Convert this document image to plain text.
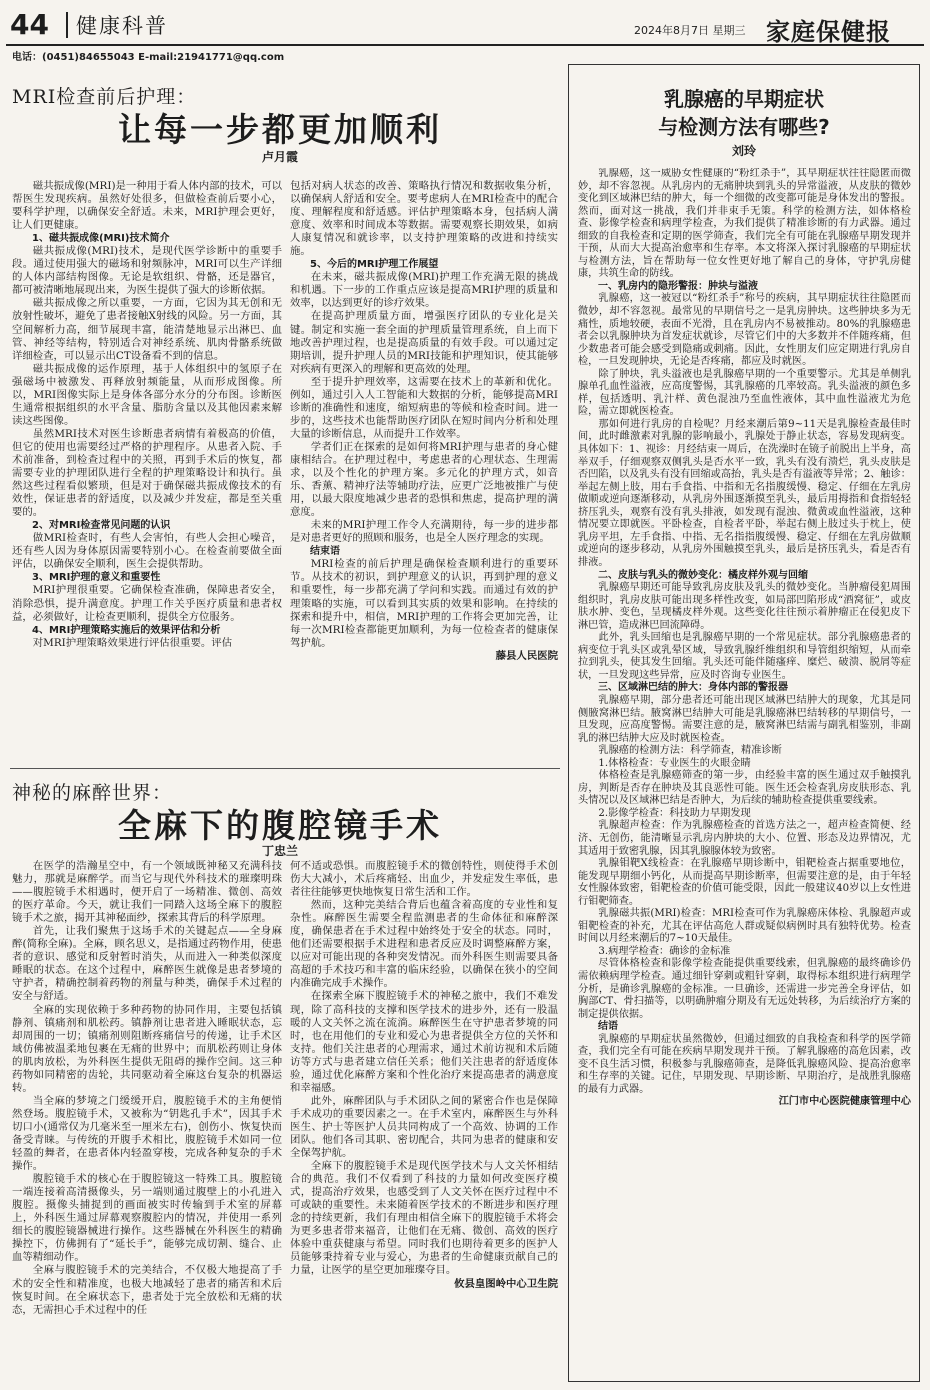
44 健康科普	2024年8月7日 星期三 家庭保健报
电话：(0451)84655043 E-mail:21941771@qq.com
MRI检查前后护理：
让每一步都更加顺利
卢月霞

磁共振成像(MRI)是一种用于看人体内部的技术，可以帮医生发现疾病。虽然好处很多，但做检查前后要小心，要科学护理，以确保安全舒适。未来，MRI护理会更好，让人们更健康。

1、磁共振成像(MRI)技术简介

磁共振成像(MRI)技术，是现代医学诊断中的重要手段。通过使用强大的磁场和射频脉冲，MRI可以生产详细的人体内部结构图像。无论是软组织、骨骼，还是器官，都可被清晰地展现出来，为医生提供了强大的诊断依据。

磁共振成像之所以重要，一方面，它因为其无创和无放射性破坏，避免了患者接触X射线的风险。另一方面，其空间解析力高，细节展现丰富，能清楚地显示出淋巴、血管、神经等结构，特别适合对神经系统、肌肉骨骼系统做详细检查，可以显示出CT设备看不到的信息。

磁共振成像的运作原理，基于人体组织中的氢原子在强磁场中被激发、再释放射频能量，从而形成图像。所以，MRI图像实际上是身体各部分水分的分布图。诊断医生通常根据组织的水平含量、脂肪含量以及其他因素来解读这些图像。

虽然MRI技术对医生诊断患者病情有着极高的价值，但它的使用也需要经过严格的护理程序。从患者入院、手术前准备，到检查过程中的关照，再到手术后的恢复，都需要专业的护理团队进行全程的护理策略设计和执行。虽然这些过程看似繁琐，但是对于确保磁共振成像技术的有效性，保证患者的舒适度，以及减少并发症，都是至关重要的。

2、对MRI检查常见问题的认识

做MRI检查时，有些人会害怕，有些人会担心噪音，还有些人因为身体原因需要特别小心。在检查前要做全面评估，以确保安全顺利，医生会提供帮助。

3、MRI护理的意义和重要性

MRI护理很重要。它确保检查准确，保障患者安全，消除恐惧，提升满意度。护理工作关乎医疗质量和患者权益，必须做好，让检查更顺利，提供全方位服务。

4、MRI护理策略实施后的效果评估和分析

对MRI护理策略效果进行评估很重要。评估

包括对病人状态的改善、策略执行情况和数据收集分析，以确保病人舒适和安全。要考虑病人在MRI检查中的配合度、理解程度和舒适感。评估护理策略本身，包括病人满意度、效率和时间成本等数据。需要观察长期效果，如病人康复情况和就诊率，以支持护理策略的改进和持续实施。

5、今后的MRI护理工作展望

在未来，磁共振成像(MRI)护理工作充满无限的挑战和机遇。下一步的工作重点应该是提高MRI护理的质量和效率，以达到更好的诊疗效果。

在提高护理质量方面，增强医疗团队的专业化是关键。制定和实施一套全面的护理质量管理系统，自上而下地改善护理过程，也是提高质量的有效手段。可以通过定期培训，提升护理人员的MRI技能和护理知识，使其能够对疾病有更深入的理解和更高效的处理。

至于提升护理效率，这需要在技术上的革新和优化。例如，通过引入人工智能和大数据的分析，能够提高MRI诊断的准确性和速度，缩短病患的等候和检查时间。进一步的，这些技术也能帮助医疗团队在短时间内分析和处理大量的诊断信息，从而提升工作效率。

学者们正在探索的是如何将MRI护理与患者的身心健康相结合。在护理过程中，考虑患者的心理状态、生理需求，以及个性化的护理方案。多元化的护理方式，如音乐、香薰、精神疗法等辅助疗法，应更广泛地被推广与使用，以最大限度地减少患者的恐惧和焦虑，提高护理的满意度。

未来的MRI护理工作令人充满期待，每一步的进步都是对患者更好的照顾和服务，也是全人医疗理念的实现。

结束语

MRI检查的前后护理是确保检查顺利进行的重要环节。从技术的初识，到护理意义的认识，再到护理的意义和重要性，每一步都充满了学问和实践。而通过有效的护理策略的实施，可以看到其实质的效果和影响。在持续的探索和提升中，相信，MRI护理的工作将会更加完善，让每一次MRI检查都能更加顺利，为每一位检查者的健康保驾护航。

藤县人民医院

神秘的麻醉世界：
全麻下的腹腔镜手术
丁忠兰

在医学的浩瀚星空中，有一个领域既神秘又充满科技魅力，那就是麻醉学。而当它与现代外科技术的璀璨明珠——腹腔镜手术相遇时，便开启了一场精准、微创、高效的医疗革命。今天，就让我们一同踏入这场全麻下的腹腔镜手术之旅，揭开其神秘面纱，探索其背后的科学原理。

首先，让我们聚焦于这场手术的关键起点——全身麻醉(简称全麻)。全麻，顾名思义，是指通过药物作用，使患者的意识、感觉和反射暂时消失，从而进入一种类似深度睡眠的状态。在这个过程中，麻醉医生就像是患者梦境的守护者，精确控制着药物的剂量与种类，确保手术过程的安全与舒适。

全麻的实现依赖于多种药物的协同作用，主要包括镇静剂、镇痛剂和肌松药。镇静剂让患者进入睡眠状态，忘却周围的一切；镇痛剂则阻断疼痛信号的传递，让手术区域仿佛被温柔地包裹在无痛的世界中；而肌松药则让身体的肌肉放松，为外科医生提供无阻碍的操作空间。这三种药物如同精密的齿轮，共同驱动着全麻这台复杂的机器运转。

当全麻的梦境之门缓缓开启，腹腔镜手术的主角便悄然登场。腹腔镜手术，又被称为“钥匙孔手术”，因其手术切口小(通常仅为几毫米至一厘米左右)，创伤小、恢复快而备受青睐。与传统的开腹手术相比，腹腔镜手术如同一位轻盈的舞者，在患者体内轻盈穿梭，完成各种复杂的手术操作。

腹腔镜手术的核心在于腹腔镜这一特殊工具。腹腔镜一端连接着高清摄像头，另一端则通过腹壁上的小孔进入腹腔。摄像头捕捉到的画面被实时传输到手术室的屏幕上，外科医生通过屏幕观察腹腔内的情况，并使用一系列细长的腹腔镜器械进行操作。这些器械在外科医生的精确操控下，仿佛拥有了“延长手”，能够完成切割、缝合、止血等精细动作。

全麻与腹腔镜手术的完美结合，不仅极大地提高了手术的安全性和精准度，也极大地减轻了患者的痛苦和术后恢复时间。在全麻状态下，患者处于完全放松和无痛的状态，无需担心手术过程中的任

何不适或恐惧。而腹腔镜手术的微创特性，则使得手术创伤大大减小，术后疼痛轻、出血少，并发症发生率低，患者往往能够更快地恢复日常生活和工作。

然而，这种完美结合背后也蕴含着高度的专业性和复杂性。麻醉医生需要全程监测患者的生命体征和麻醉深度，确保患者在手术过程中始终处于安全的状态。同时，他们还需要根据手术进程和患者反应及时调整麻醉方案，以应对可能出现的各种突发情况。而外科医生则需要具备高超的手术技巧和丰富的临床经验，以确保在狭小的空间内准确完成手术操作。

在探索全麻下腹腔镜手术的神秘之旅中，我们不难发现，除了高科技的支撑和医学技术的进步外，还有一股温暖的人文关怀之流在流淌。麻醉医生在守护患者梦境的同时，也在用他们的专业和爱心为患者提供全方位的关怀和支持。他们关注患者的心理需求，通过术前访视和术后随访等方式与患者建立信任关系；他们关注患者的舒适度体验，通过优化麻醉方案和个性化治疗来提高患者的满意度和幸福感。

此外，麻醉团队与手术团队之间的紧密合作也是保障手术成功的重要因素之一。在手术室内，麻醉医生与外科医生、护士等医护人员共同构成了一个高效、协调的工作团队。他们各司其职、密切配合，共同为患者的健康和安全保驾护航。

全麻下的腹腔镜手术是现代医学技术与人文关怀相结合的典范。我们不仅看到了科技的力量如何改变医疗模式，提高治疗效果，也感受到了人文关怀在医疗过程中不可或缺的重要性。未来随着医学技术的不断进步和医疗理念的持续更新，我们有理由相信全麻下的腹腔镜手术将会为更多患者带来福音，让他们在无痛、微创、高效的医疗体验中重获健康与希望。同时我们也期待着更多的医护人员能够秉持着专业与爱心，为患者的生命健康贡献自己的力量，让医学的星空更加璀璨夺目。

攸县皇图岭中心卫生院

乳腺癌的早期症状
与检测方法有哪些?
刘玲

乳腺癌，这一威胁女性健康的“粉红杀手”，其早期症状往往隐匿而微妙，却不容忽视。从乳房内的无痛肿块到乳头的异常溢液，从皮肤的微妙变化到区域淋巴结的肿大，每一个细微的改变都可能是身体发出的警报。然而，面对这一挑战，我们并非束手无策。科学的检测方法，如体格检查、影像学检查和病理学检查，为我们提供了精准诊断的有力武器。通过细致的自我检查和定期的医学筛查，我们完全有可能在乳腺癌早期发现并干预，从而大大提高治愈率和生存率。本文将深入探讨乳腺癌的早期症状与检测方法，旨在帮助每一位女性更好地了解自己的身体，守护乳房健康，共筑生命的防线。

一、乳房内的隐形警报：肿块与溢液

乳腺癌，这一被冠以“粉红杀手”称号的疾病，其早期症状往往隐匿而微妙，却不容忽视。最常见的早期信号之一是乳房肿块。这些肿块多为无痛性，质地较硬，表面不光滑，且在乳房内不易被推动。80%的乳腺癌患者会以乳腺肿块为首发症状就诊，尽管它们中的大多数并不伴随疼痛，但少数患者可能会感受到隐痛或刺痛。因此，女性朋友们应定期进行乳房自检，一旦发现肿块，无论是否疼痛，都应及时就医。

除了肿块，乳头溢液也是乳腺癌早期的一个重要警示。尤其是单侧乳腺单孔血性溢液，应高度警惕，其乳腺癌的几率较高。乳头溢液的颜色多样，包括透明、乳汁样、黄色混浊乃至血性液体，其中血性溢液尤为危险，需立即就医检查。

那如何进行乳房的自检呢？月经来潮后第9~11天是乳腺检查最佳时间，此时雌激素对乳腺的影响最小，乳腺处于静止状态，容易发现病变。具体如下：1、视诊：月经结束一周后，在洗澡时在镜子前脱出上半身，高举双手，仔细观察双侧乳头是否水平一致，乳头有没有溃烂，乳头皮肤是否凹陷，以及乳头有没有回缩或高抬，乳头是否有溢液等异常；2、触诊：举起左侧上肢，用右手食指、中指和无名指腹缓慢、稳定、仔细在左乳房做顺或逆向逐渐移动，从乳房外围逐渐摸至乳头，最后用拇指和食指轻轻挤压乳头，观察有没有乳头排液，如发现有混浊、微黄或血性溢液，这种情况要立即就医。平卧检查，自检者平卧，举起右侧上肢过头于枕上，使乳房平坦，左手食指、中指、无名指指腹缓慢、稳定、仔细在左乳房做顺或逆向的逐步移动，从乳房外围触摸至乳头，最后是挤压乳头，看是否有排液。

二、皮肤与乳头的微妙变化：橘皮样外观与回缩

乳腺癌早期还可能导致乳房皮肤及乳头的微妙变化。当肿瘤侵犯周围组织时，乳房皮肤可能出现多样性改变，如局部凹陷形成“酒窝征”，或皮肤水肿、变色，呈现橘皮样外观。这些变化往往预示着肿瘤正在侵犯皮下淋巴管，造成淋巴回流障碍。

此外，乳头回缩也是乳腺癌早期的一个常见症状。部分乳腺癌患者的病变位于乳头区或乳晕区域，导致乳腺纤维组织和导管组织缩短，从而牵拉到乳头，使其发生回缩。乳头还可能伴随瘙痒、糜烂、破溃、脱屑等症状，一旦发现这些异常，应及时咨询专业医生。

三、区域淋巴结的肿大：身体内部的警报器

乳腺癌早期，部分患者还可能出现区域淋巴结肿大的现象，尤其是同侧腋窝淋巴结。腋窝淋巴结肿大可能是乳腺癌淋巴结转移的早期信号，一旦发现，应高度警惕。需要注意的是，腋窝淋巴结需与副乳相鉴别，非副乳的淋巴结肿大应及时就医检查。

乳腺癌的检测方法：科学筛查，精准诊断

1.体格检查：专业医生的火眼金睛

体格检查是乳腺癌筛查的第一步，由经验丰富的医生通过双手触摸乳房，判断是否存在肿块及其良恶性可能。医生还会检查乳房皮肤形态、乳头情况以及区域淋巴结是否肿大，为后续的辅助检查提供重要线索。

2.影像学检查：科技助力早期发现

乳腺超声检查：作为乳腺癌检查的首选方法之一，超声检查简便、经济、无创伤，能清晰显示乳房内肿块的大小、位置、形态及边界情况，尤其适用于致密乳腺，因其乳腺腺体较为致密。

乳腺钼靶X线检查：在乳腺癌早期诊断中，钼靶检查占据重要地位，能发现早期细小钙化，从而提高早期诊断率，但需要注意的是，由于年轻女性腺体致密，钼靶检查的价值可能受限，因此一般建议40岁以上女性进行钼靶筛查。

乳腺磁共振(MRI)检查：MRI检查可作为乳腺癌床体检、乳腺超声或钼靶检查的补充，尤其在评估高危人群或疑似病例时具有独特优势。检查时间以月经来潮后的7~10天最佳。

3.病理学检查：确诊的金标准

尽管体格检查和影像学检查能提供重要线索，但乳腺癌的最终确诊仍需依赖病理学检查。通过细针穿刺或粗针穿刺，取得标本组织进行病理学分析，是确诊乳腺癌的金标准。一旦确诊，还需进一步完善全身评估，如胸部CT、骨扫描等，以明确肿瘤分期及有无远处转移，为后续治疗方案的制定提供依据。

结语

乳腺癌的早期症状虽然微妙，但通过细致的自我检查和科学的医学筛查，我们完全有可能在疾病早期发现并干预。了解乳腺癌的高危因素，改变不良生活习惯，积极参与乳腺癌筛查，是降低乳腺癌风险、提高治愈率和生存率的关键。记住，早期发现、早期诊断、早期治疗，是战胜乳腺癌的最有力武器。

江门市中心医院健康管理中心
